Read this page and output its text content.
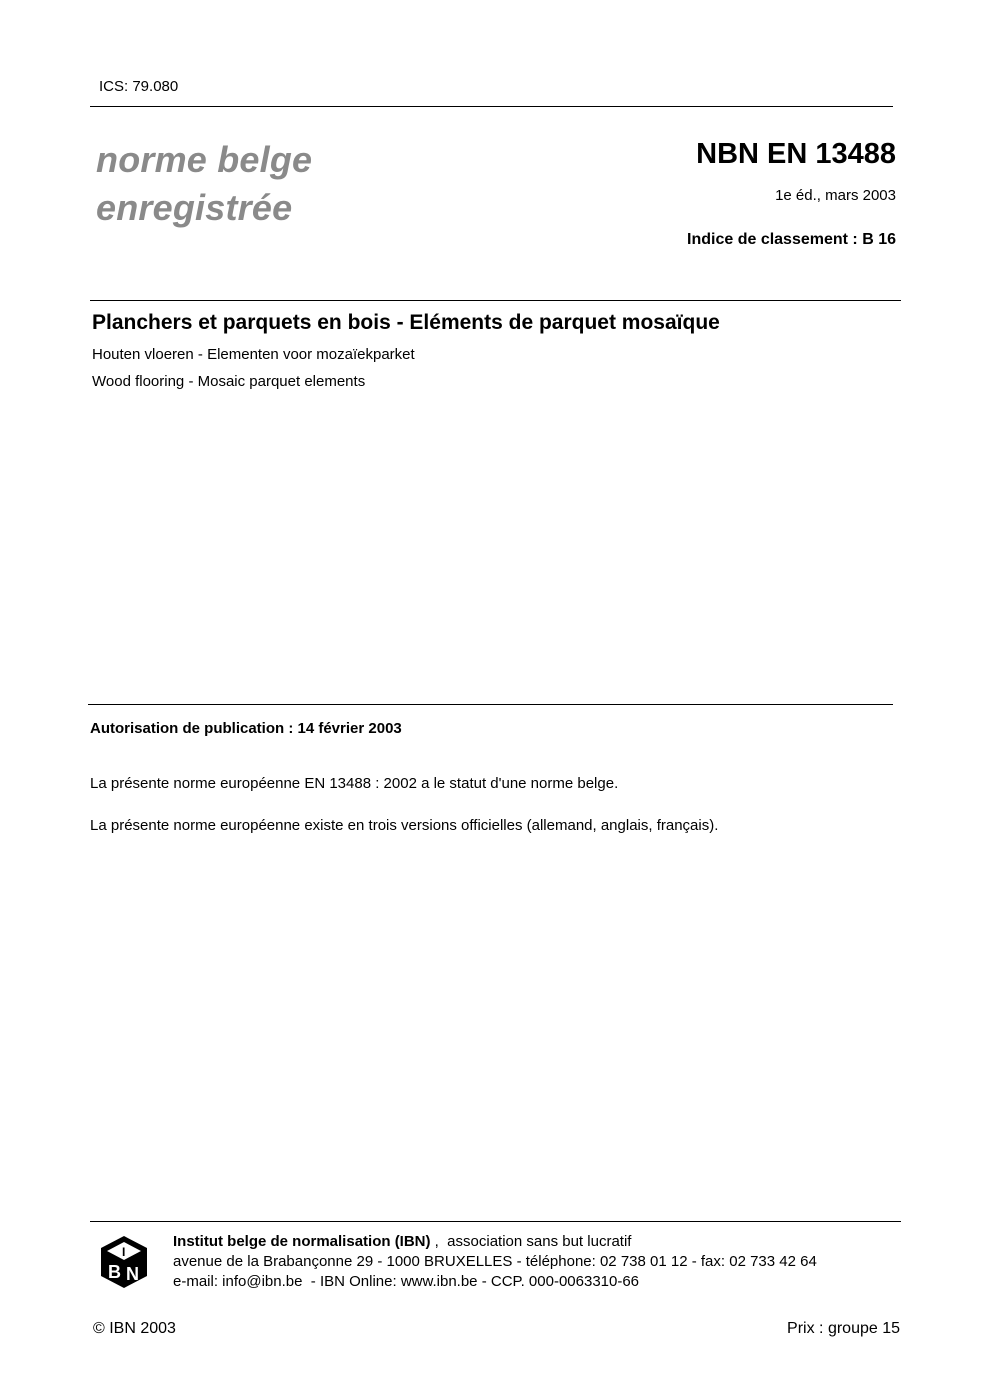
ICS: 79.080
norme belge
enregistrée
NBN EN 13488
1e éd., mars 2003
Indice de classement : B 16
Planchers et parquets en bois - Eléments de parquet mosaïque
Houten vloeren - Elementen voor mozaïekparket
Wood flooring - Mosaic parquet elements
Autorisation de publication : 14 février 2003
La présente norme européenne EN 13488 : 2002 a le statut d'une norme belge.
La présente norme européenne existe en trois versions officielles (allemand, anglais, français).
I
B N
Institut belge de normalisation (IBN) ,  association sans but lucratif
avenue de la Brabançonne 29 - 1000 BRUXELLES - téléphone: 02 738 01 12 - fax: 02 733 42 64
e-mail: info@ibn.be  - IBN Online: www.ibn.be - CCP. 000-0063310-66
© IBN 2003	Prix : groupe 15
